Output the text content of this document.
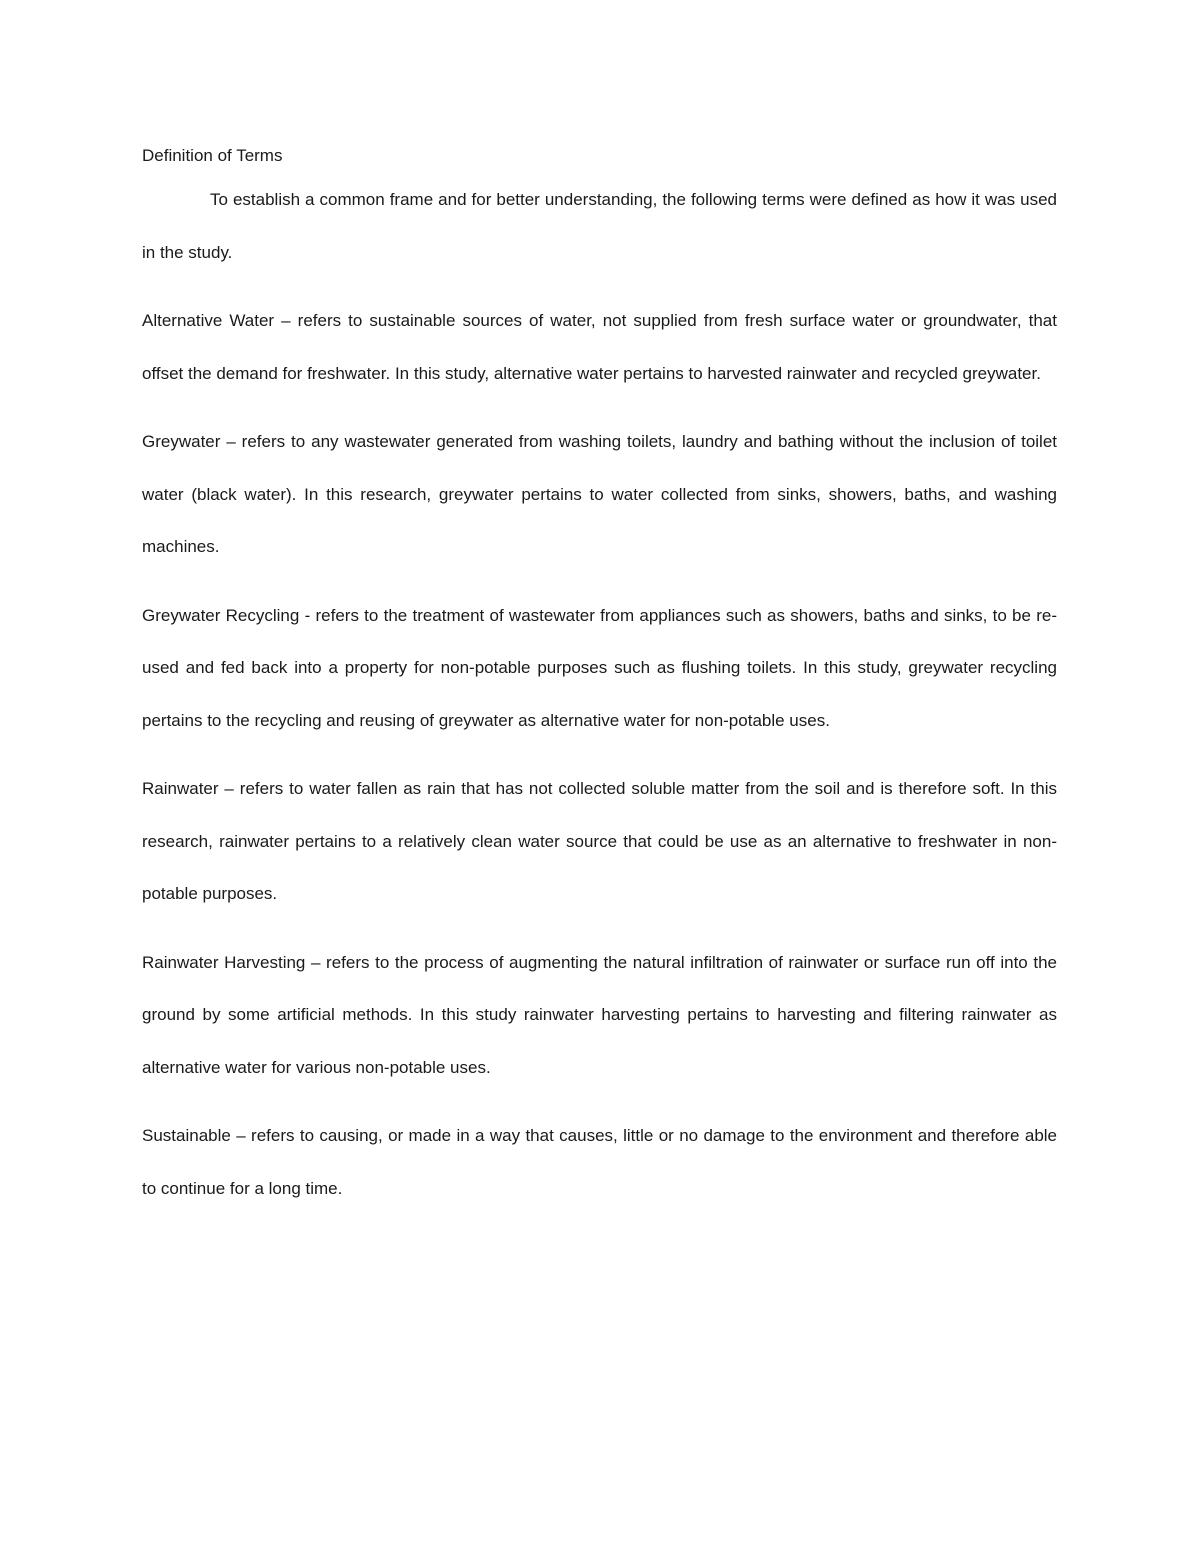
Definition of Terms

To establish a common frame and for better understanding, the following terms were defined as how it was used in the study.

Alternative Water – refers to sustainable sources of water, not supplied from fresh surface water or groundwater, that offset the demand for freshwater. In this study, alternative water pertains to harvested rainwater and recycled greywater.

Greywater – refers to any wastewater generated from washing toilets, laundry and bathing without the inclusion of toilet water (black water). In this research, greywater pertains to water collected from sinks, showers, baths, and washing machines.

Greywater Recycling - refers to the treatment of wastewater from appliances such as showers, baths and sinks, to be re-used and fed back into a property for non-potable purposes such as flushing toilets. In this study, greywater recycling pertains to the recycling and reusing of greywater as alternative water for non-potable uses.

Rainwater – refers to water fallen as rain that has not collected soluble matter from the soil and is therefore soft. In this research, rainwater pertains to a relatively clean water source that could be use as an alternative to freshwater in non-potable purposes.

Rainwater Harvesting – refers to the process of augmenting the natural infiltration of rainwater or surface run off into the ground by some artificial methods. In this study rainwater harvesting pertains to harvesting and filtering rainwater as alternative water for various non-potable uses.

Sustainable – refers to causing, or made in a way that causes, little or no damage to the environment and therefore able to continue for a long time.
